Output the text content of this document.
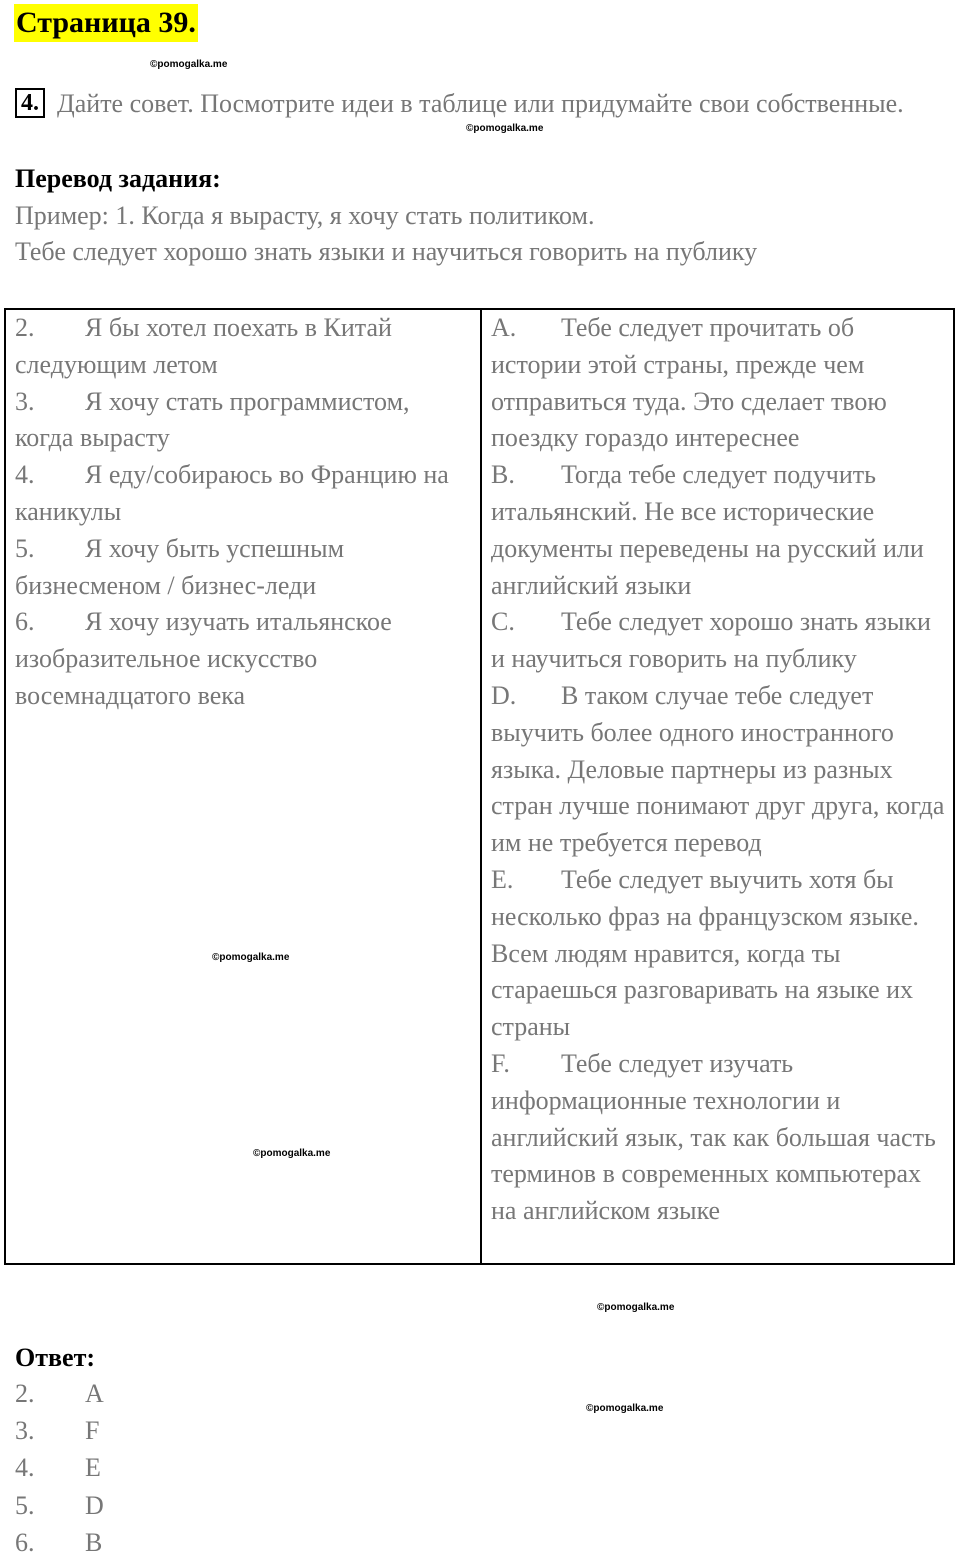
Страница 39.
©pomogalka.me
4. Дайте совет. Посмотрите идеи в таблице или придумайте свои собственные.
©pomogalka.me
Перевод задания:
Пример: 1. Когда я вырасту, я хочу стать политиком.
Тебе следует хорошо знать языки и научиться говорить на публику

2. Я бы хотел поехать в Китай следующим летом

3. Я хочу стать программистом, когда вырасту

4. Я еду/собираюсь во Францию на каникулы

5. Я хочу быть успешным бизнесменом / бизнес-леди

6. Я хочу изучать итальянское изобразительное искусство восемнадцатого века

A. Тебе следует прочитать об истории этой страны, прежде чем отправиться туда. Это сделает твою поездку гораздо интереснее

B. Тогда тебе следует подучить итальянский. Не все исторические документы переведены на русский или английский языки

C. Тебе следует хорошо знать языки и научиться говорить на публику

D. В таком случае тебе следует выучить более одного иностранного языка. Деловые партнеры из разных стран лучше понимают друг друга, когда им не требуется перевод

E. Тебе следует выучить хотя бы несколько фраз на французском языке. Всем людям нравится, когда ты стараешься разговаривать на языке их страны

F. Тебе следует изучать информационные технологии и английский язык, так как большая часть терминов в современных компьютерах на английском языке

©pomogalka.me
©pomogalka.me
©pomogalka.me
©pomogalka.me
Ответ:
2. A
3. F
4. E
5. D
6. B
